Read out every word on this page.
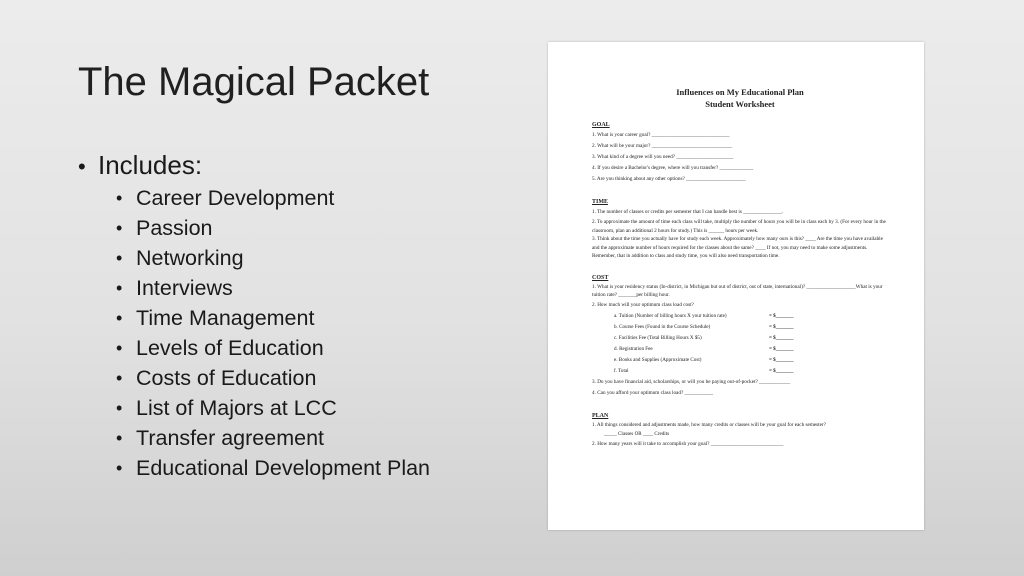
The Magical Packet
• Includes:
• Career Development
• Passion
• Networking
• Interviews
• Time Management
• Levels of Education
• Costs of Education
• List of Majors at LCC
• Transfer agreement
• Educational Development Plan

Influences on My Educational Plan

Student Worksheet

GOAL
1. What is your career goal? ______________________________
2. What will be your major? _______________________________
3. What kind of a degree will you need? ______________________
4. If you desire a Bachelor's degree, where will you transfer? _____________
5. Are you thinking about any other options? _______________________
TIME
1. The number of classes or credits per semester that I can handle best is _______________.
2. To approximate the amount of time each class will take, multiply the number of hours you will be in class each by 3. (For every hour in the classroom, plan an additional 2 hours for study.) This is ______ hours per week.
3. Think about the time you actually have for study each week. Approximately how many ours is this? ____ Are the time you have available and the approximate number of hours required for the classes about the same? ____ If not, you may need to make some adjustments. Remember, that in addition to class and study time, you will also need transportation time.
COST
1. What is your residency status (In-district, in Michigan but out of district, out of state, international)? ___________________What is your tuition rate? _______per billing hour.
2. How much will your optimum class load cost?
a. Tuition (Number of billing hours X your tuition rate)	= $_______
b. Course Fees (Found in the Course Schedule)	= $_______
c. Facilities Fee (Total Billing Hours X $5)	= $_______
d. Registration Fee	= $_______
e. Books and Supplies (Approximate Cost)	= $_______
f. Total	= $_______
3. Do you have financial aid, scholarships, or will you be paying out-of-pocket? ____________
4. Can you afford your optimum class load? ___________
PLAN
1. All things considered and adjustments made, how many credits or classes will be your goal for each semester?
_____ Classes OR ____ Credits
2. How many years will it take to accomplish your goal? ____________________________
